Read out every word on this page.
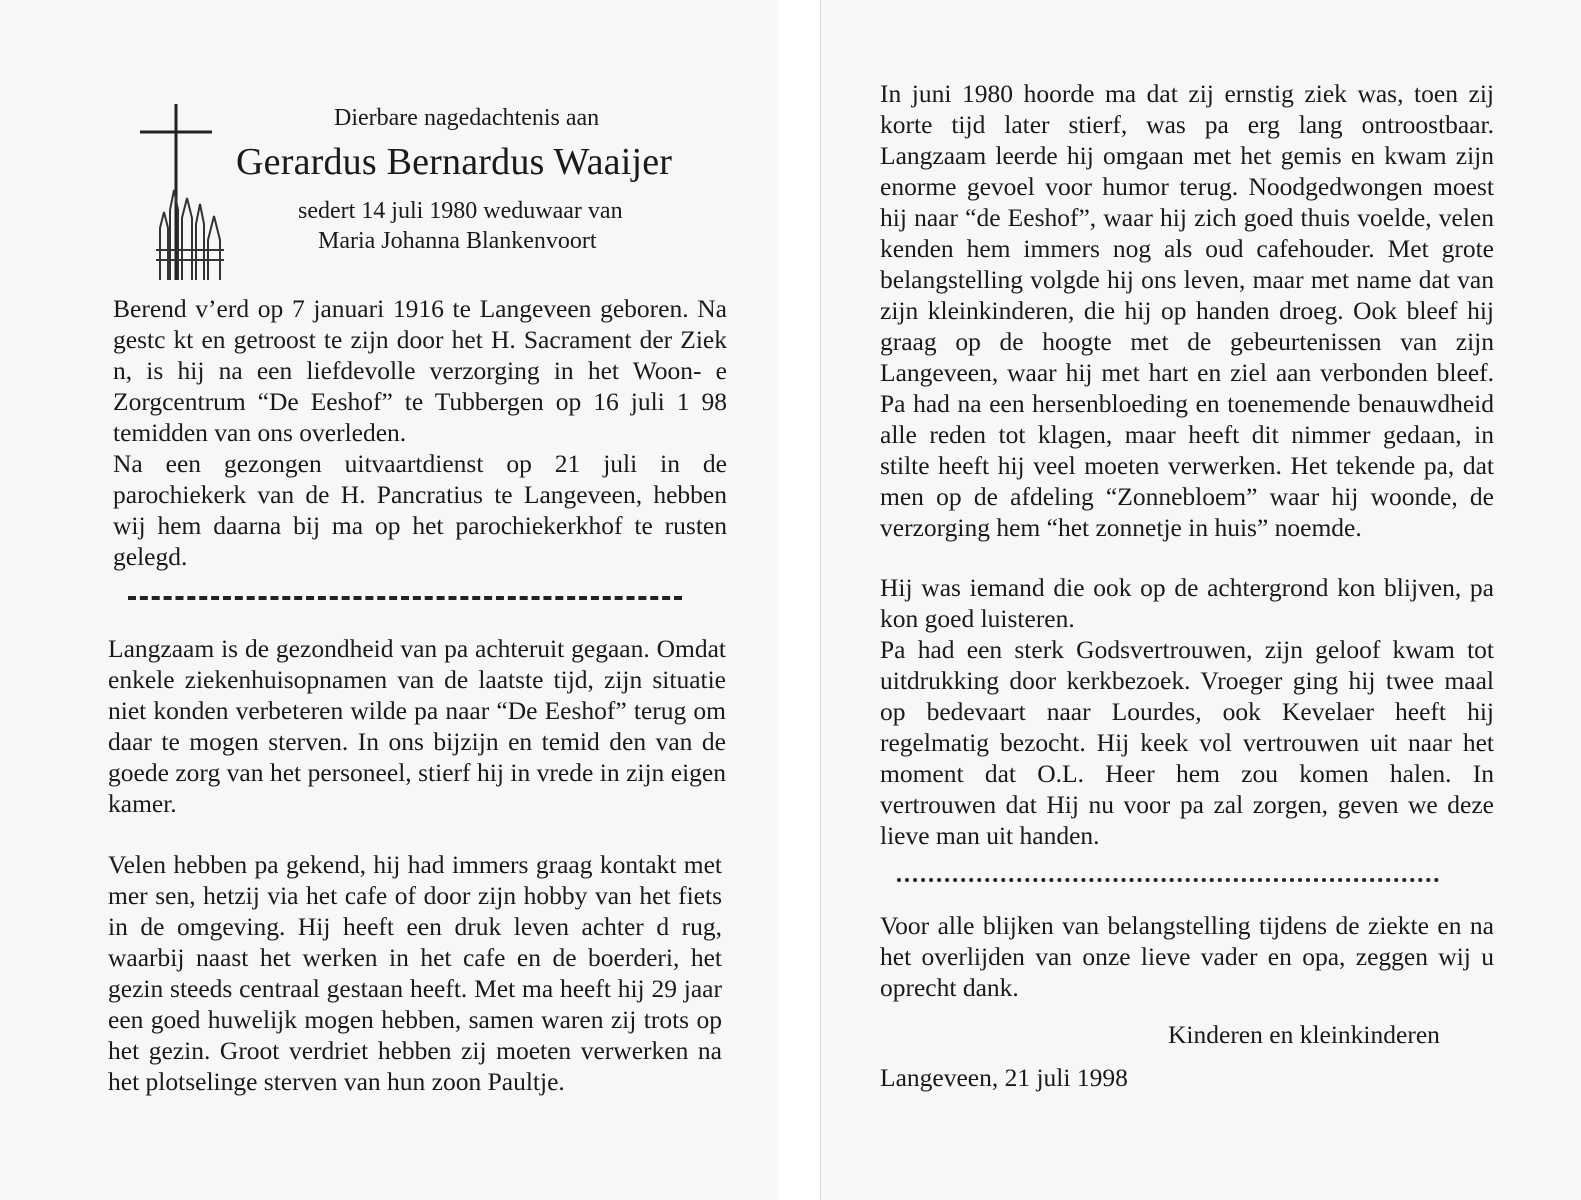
Dierbare nagedachtenis aan
Gerardus Bernardus Waaijer
sedert 14 juli 1980 weduwaar van
Maria Johanna Blankenvoort

Berend v’erd op 7 januari 1916 te Langeveen geboren. Na gestc kt en getroost te zijn door het H. Sacrament der Ziek n, is hij na een liefdevolle verzorging in het Woon- e Zorgcentrum “De Eeshof” te Tubbergen op 16 juli 1 98 temidden van ons overleden.

Na een gezongen uitvaartdienst op 21 juli in de parochiekerk van de H. Pancratius te Langeveen, hebben wij hem daarna bij ma op het parochiekerkhof te rusten gelegd.

Langzaam is de gezondheid van pa achteruit gegaan. Omdat enkele ziekenhuisopnamen van de laatste tijd, zijn situatie niet konden verbeteren wilde pa naar “De Eeshof” terug om daar te mogen sterven. In ons bijzijn en temid den van de goede zorg van het personeel, stierf hij in vrede in zijn eigen kamer.

Velen hebben pa gekend, hij had immers graag kontakt met mer sen, hetzij via het cafe of door zijn hobby van het fiets in de omgeving. Hij heeft een druk leven achter d rug, waarbij naast het werken in het cafe en de boerderi, het gezin steeds centraal gestaan heeft. Met ma heeft hij 29 jaar een goed huwelijk mogen hebben, samen waren zij trots op het gezin. Groot verdriet hebben zij moeten verwerken na het plotselinge sterven van hun zoon Paultje.

In juni 1980 hoorde ma dat zij ernstig ziek was, toen zij korte tijd later stierf, was pa erg lang ontroostbaar. Langzaam leerde hij omgaan met het gemis en kwam zijn enorme gevoel voor humor terug. Noodgedwongen moest hij naar “de Eeshof”, waar hij zich goed thuis voelde, velen kenden hem immers nog als oud cafehouder. Met grote belangstelling volgde hij ons leven, maar met name dat van zijn kleinkinderen, die hij op handen droeg. Ook bleef hij graag op de hoogte met de gebeurtenissen van zijn Langeveen, waar hij met hart en ziel aan verbonden bleef. Pa had na een hersenbloeding en toenemende benauwdheid alle reden tot klagen, maar heeft dit nimmer gedaan, in stilte heeft hij veel moeten verwerken. Het tekende pa, dat men op de afdeling “Zonnebloem” waar hij woonde, de verzorging hem “het zonnetje in huis” noemde.

Hij was iemand die ook op de achtergrond kon blijven, pa kon goed luisteren.

Pa had een sterk Godsvertrouwen, zijn geloof kwam tot uitdrukking door kerkbezoek. Vroeger ging hij twee maal op bedevaart naar Lourdes, ook Kevelaer heeft hij regelmatig bezocht. Hij keek vol vertrouwen uit naar het moment dat O.L. Heer hem zou komen halen. In vertrouwen dat Hij nu voor pa zal zorgen, geven we deze lieve man uit handen.

Voor alle blijken van belangstelling tijdens de ziekte en na het overlijden van onze lieve vader en opa, zeggen wij u oprecht dank.

Kinderen en kleinkinderen
Langeveen, 21 juli 1998
